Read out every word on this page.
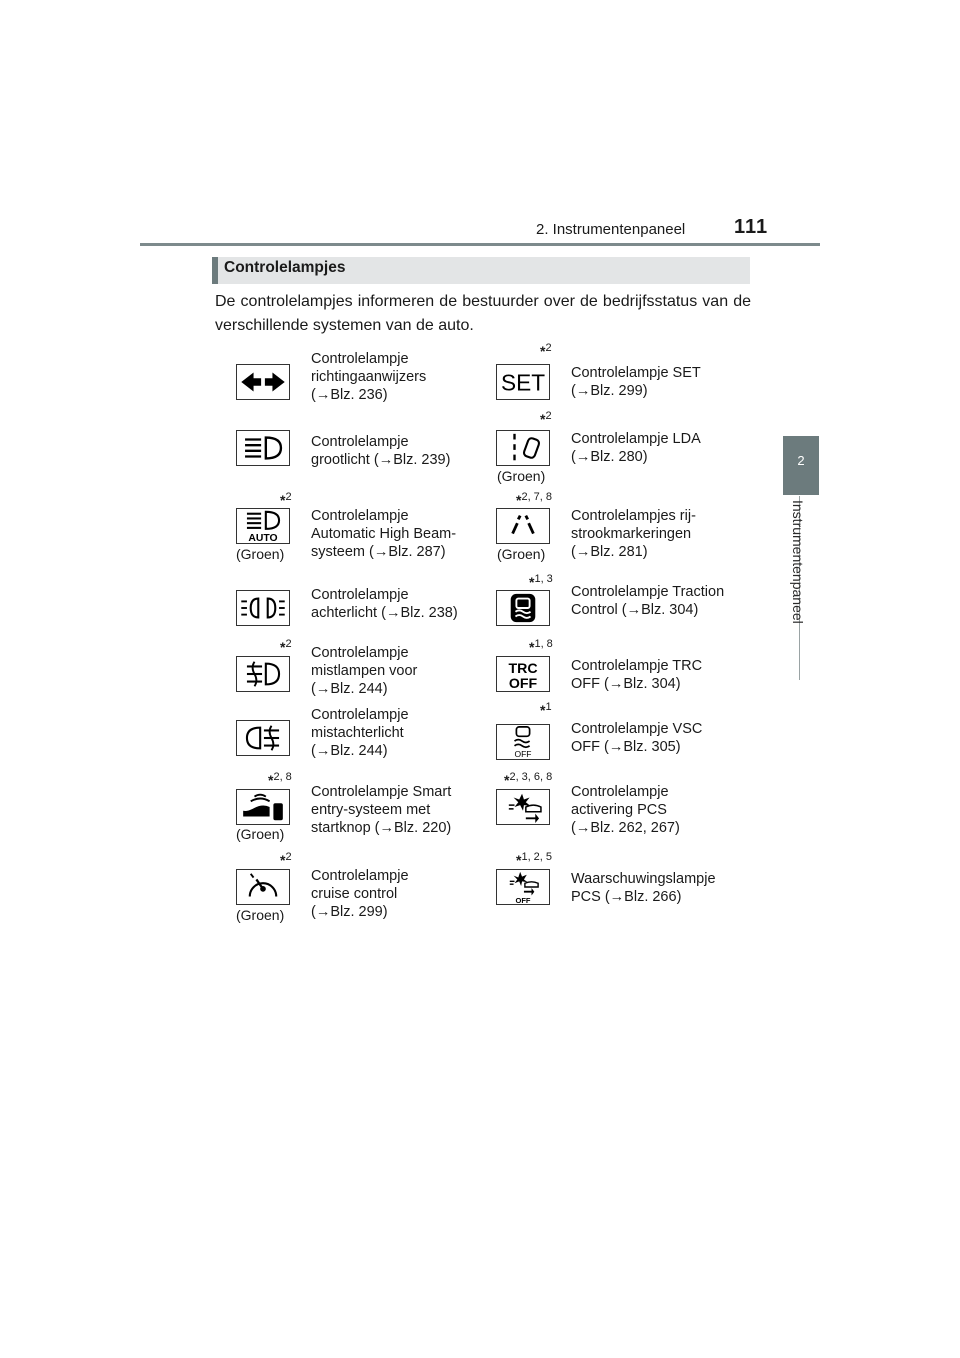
2. Instrumentenpaneel 111
2
Instrumentenpaneel
Controlelampjes
De controlelampjes informeren de bestuurder over de bedrijfsstatus van de verschillende systemen van de auto.
Controlelampje
richtingaanwijzers
(→Blz. 236)
*2
SET Controlelampje SET
(→Blz. 299)
Controlelampje
grootlicht (→Blz. 239)
*2
(Groen)
Controlelampje LDA
(→Blz. 280)
*2
AUTO
(Groen)
Controlelampje
Automatic High Beam-
systeem (→Blz. 287)
*2, 7, 8
(Groen)
Controlelampjes rij-
strookmarkeringen
(→Blz. 281)
Controlelampje
achterlicht (→Blz. 238)
*1, 3
Controlelampje Traction
Control (→Blz. 304)
*2
Controlelampje
mistlampen voor
(→Blz. 244)
*1, 8
TRC
OFF
Controlelampje TRC
OFF (→Blz. 304)
Controlelampje
mistachterlicht
(→Blz. 244)
*1
OFF
Controlelampje VSC
OFF (→Blz. 305)
*2, 8
(Groen)
Controlelampje Smart
entry-systeem met
startknop (→Blz. 220)
*2, 3, 6, 8
Controlelampje
activering PCS
(→Blz. 262, 267)
*2
(Groen)
Controlelampje
cruise control
(→Blz. 299)
*1, 2, 5
OFF
Waarschuwingslampje
PCS (→Blz. 266)
